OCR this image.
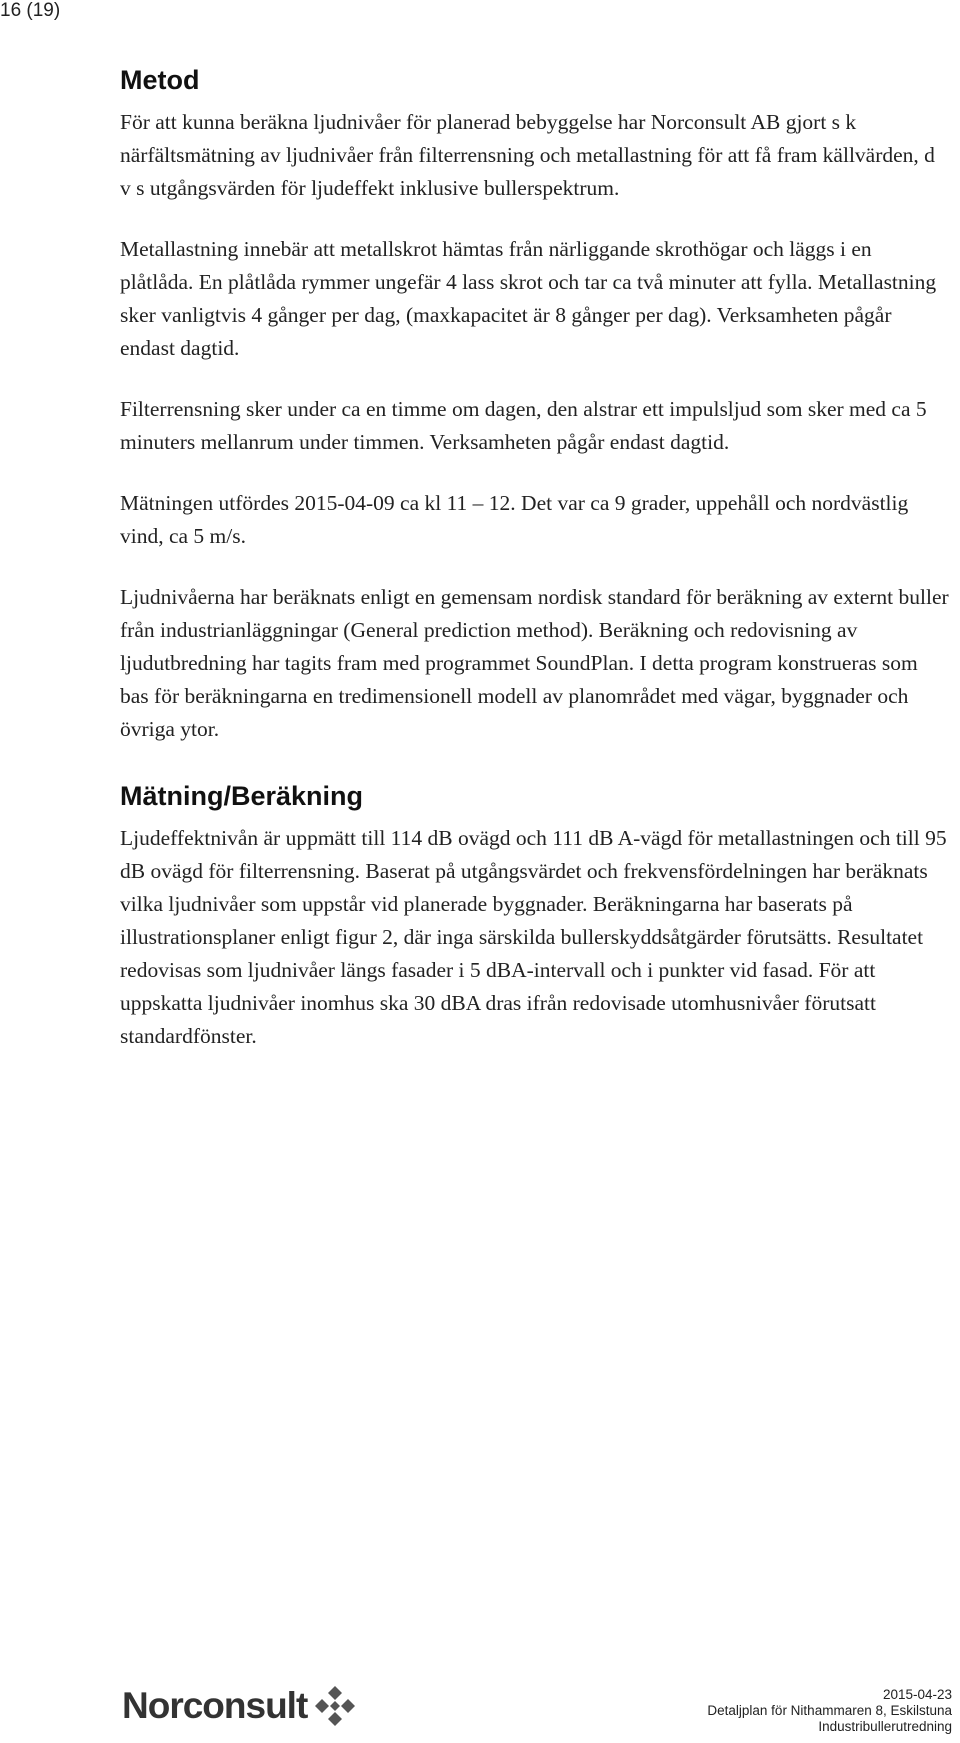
16 (19)
Metod

För att kunna beräkna ljudnivåer för planerad bebyggelse har Norconsult AB gjort s k närfältsmätning av ljudnivåer från filterrensning och metallastning för att få fram källvärden, d v s utgångsvärden för ljudeffekt inklusive bullerspektrum.

Metallastning innebär att metallskrot hämtas från närliggande skrothögar och läggs i en plåtlåda. En plåtlåda rymmer ungefär 4 lass skrot och tar ca två minuter att fylla. Metallastning sker vanligtvis 4 gånger per dag, (maxkapacitet är 8 gånger per dag). Verksamheten pågår endast dagtid.

Filterrensning sker under ca en timme om dagen, den alstrar ett impulsljud som sker med ca 5 minuters mellanrum under timmen. Verksamheten pågår endast dagtid.

Mätningen utfördes 2015-04-09 ca kl 11 – 12. Det var ca 9 grader, uppehåll och nordvästlig vind, ca 5 m/s.

Ljudnivåerna har beräknats enligt en gemensam nordisk standard för beräkning av externt buller från industrianläggningar (General prediction method). Beräkning och redovisning av ljudutbredning har tagits fram med programmet SoundPlan. I detta program konstrueras som bas för beräkningarna en tredimensionell modell av planområdet med vägar, byggnader och övriga ytor.

Mätning/Beräkning

Ljudeffektnivån är uppmätt till 114 dB ovägd och 111 dB A-vägd för metallastningen och till 95 dB ovägd för filterrensning. Baserat på utgångsvärdet och frekvensfördelningen har beräknats vilka ljudnivåer som uppstår vid planerade byggnader. Beräkningarna har baserats på illustrationsplaner enligt figur 2, där inga särskilda bullerskyddsåtgärder förutsätts. Resultatet redovisas som ljudnivåer längs fasader i 5 dBA-intervall och i punkter vid fasad. För att uppskatta ljudnivåer inomhus ska 30 dBA dras ifrån redovisade utomhusnivåer förutsatt standardfönster.

Norconsult	2015-04-23
Detaljplan för Nithammaren 8, Eskilstuna
Industribullerutredning
